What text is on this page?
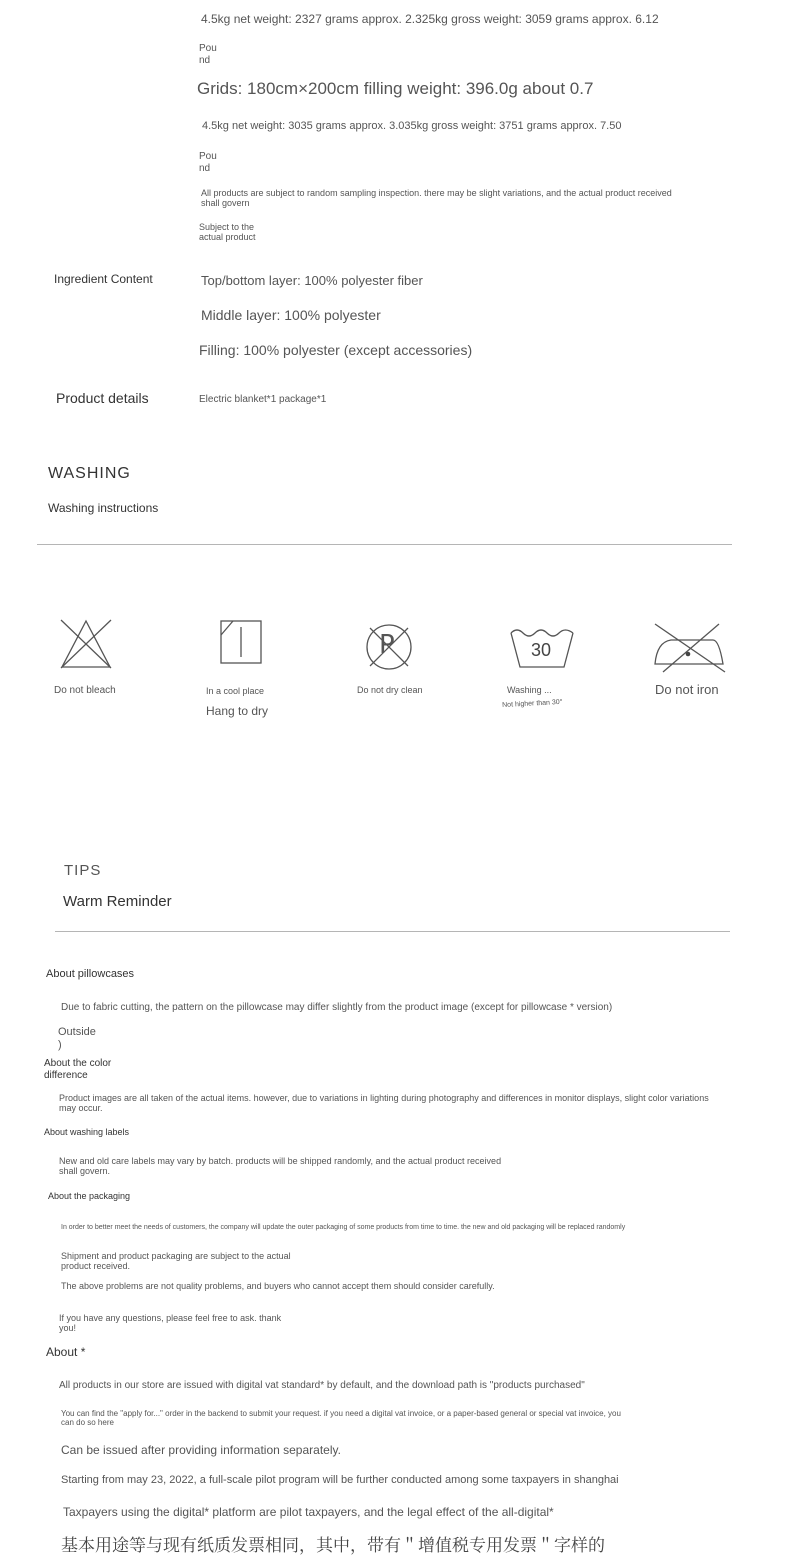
4.5kg net weight: 2327 grams approx. 2.325kg gross weight: 3059 grams approx. 6.12
Pou
nd
Grids: 180cm×200cm filling weight: 396.0g about 0.7
4.5kg net weight: 3035 grams approx. 3.035kg gross weight: 3751 grams approx. 7.50
Pou
nd
All products are subject to random sampling inspection. there may be slight variations, and the actual product received shall govern
Subject to the
actual product
Ingredient Content	Top/bottom layer: 100% polyester fiber
Middle layer: 100% polyester
Filling: 100% polyester (except accessories)
Product details	Electric blanket*1 package*1
WASHING
Washing instructions
Do not bleach	In a cool place
Hang to dry
P
Do not dry clean
30
Washing ...
Not higher than 30°
Do not iron
TIPS
Warm Reminder
About pillowcases
Due to fabric cutting, the pattern on the pillowcase may differ slightly from the product image (except for pillowcase * version)
Outside
)
About the color
difference
Product images are all taken of the actual items. however, due to variations in lighting during photography and differences in monitor displays, slight color variations may occur.
About washing labels
New and old care labels may vary by batch. products will be shipped randomly, and the actual product received shall govern.
About the packaging
In order to better meet the needs of customers, the company will update the outer packaging of some products from time to time. the new and old packaging will be replaced randomly
Shipment and product packaging are subject to the actual product received.
The above problems are not quality problems, and buyers who cannot accept them should consider carefully.
If you have any questions, please feel free to ask. thank you!
About *
All products in our store are issued with digital vat standard* by default, and the download path is "products purchased"
You can find the "apply for..." order in the backend to submit your request. if you need a digital vat invoice, or a paper-based general or special vat invoice, you can do so here
Can be issued after providing information separately.
Starting from may 23, 2022, a full-scale pilot program will be further conducted among some taxpayers in shanghai
Taxpayers using the digital* platform are pilot taxpayers, and the legal effect of the all-digital*
基本用途等与现有纸质发票相同，其中，带有＂增值税专用发票＂字样的
